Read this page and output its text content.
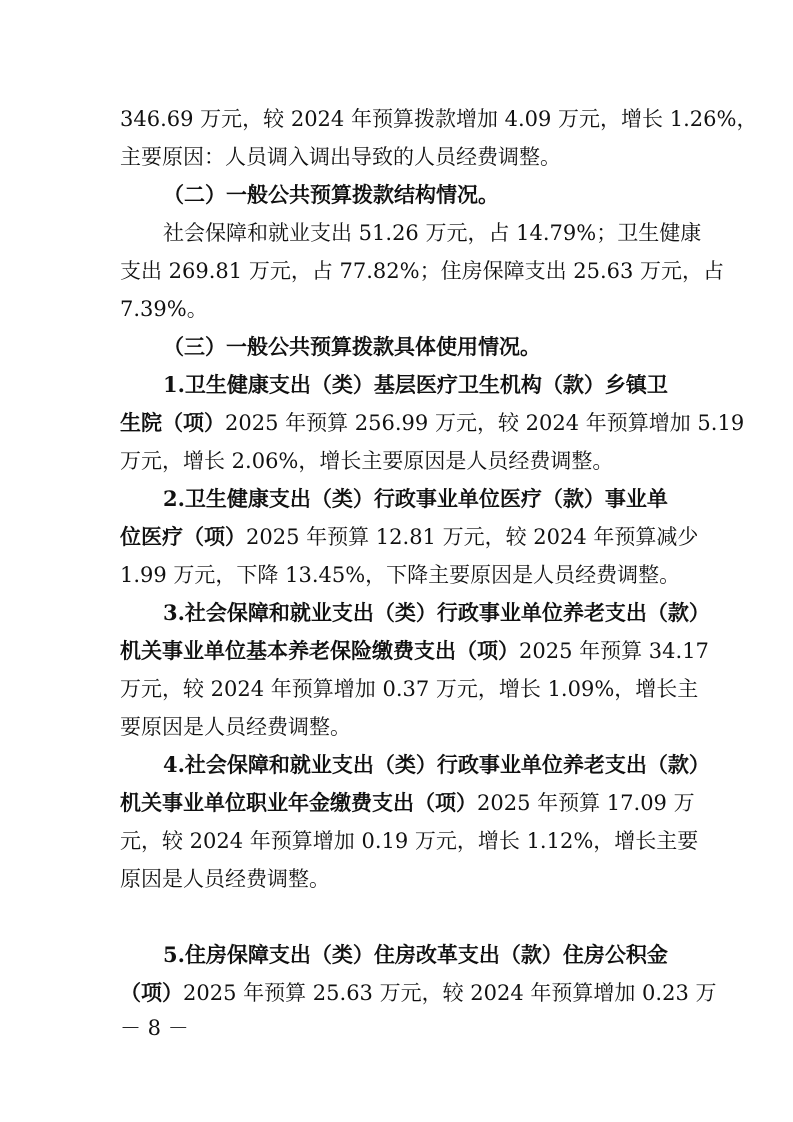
346.69 万元，较 2024 年预算拨款增加 4.09 万元，增长 1.26%，
主要原因：人员调入调出导致的人员经费调整。
（二）一般公共预算拨款结构情况。
社会保障和就业支出 51.26 万元，占 14.79%；卫生健康
支出 269.81 万元，占 77.82%；住房保障支出 25.63 万元，占
7.39%。
（三）一般公共预算拨款具体使用情况。
1.卫生健康支出（类）基层医疗卫生机构（款）乡镇卫
生院（项）2025 年预算 256.99 万元，较 2024 年预算增加 5.19
万元，增长 2.06%，增长主要原因是人员经费调整。
2.卫生健康支出（类）行政事业单位医疗（款）事业单
位医疗（项）2025 年预算 12.81 万元，较 2024 年预算减少
1.99 万元，下降 13.45%，下降主要原因是人员经费调整。
3.社会保障和就业支出（类）行政事业单位养老支出（款）
机关事业单位基本养老保险缴费支出（项）2025 年预算 34.17
万元，较 2024 年预算增加 0.37 万元，增长 1.09%，增长主
要原因是人员经费调整。
4.社会保障和就业支出（类）行政事业单位养老支出（款）
机关事业单位职业年金缴费支出（项）2025 年预算 17.09 万
元，较 2024 年预算增加 0.19 万元，增长 1.12%，增长主要
原因是人员经费调整。
5.住房保障支出（类）住房改革支出（款）住房公积金
（项）2025 年预算 25.63 万元，较 2024 年预算增加 0.23 万
－ 8 －
